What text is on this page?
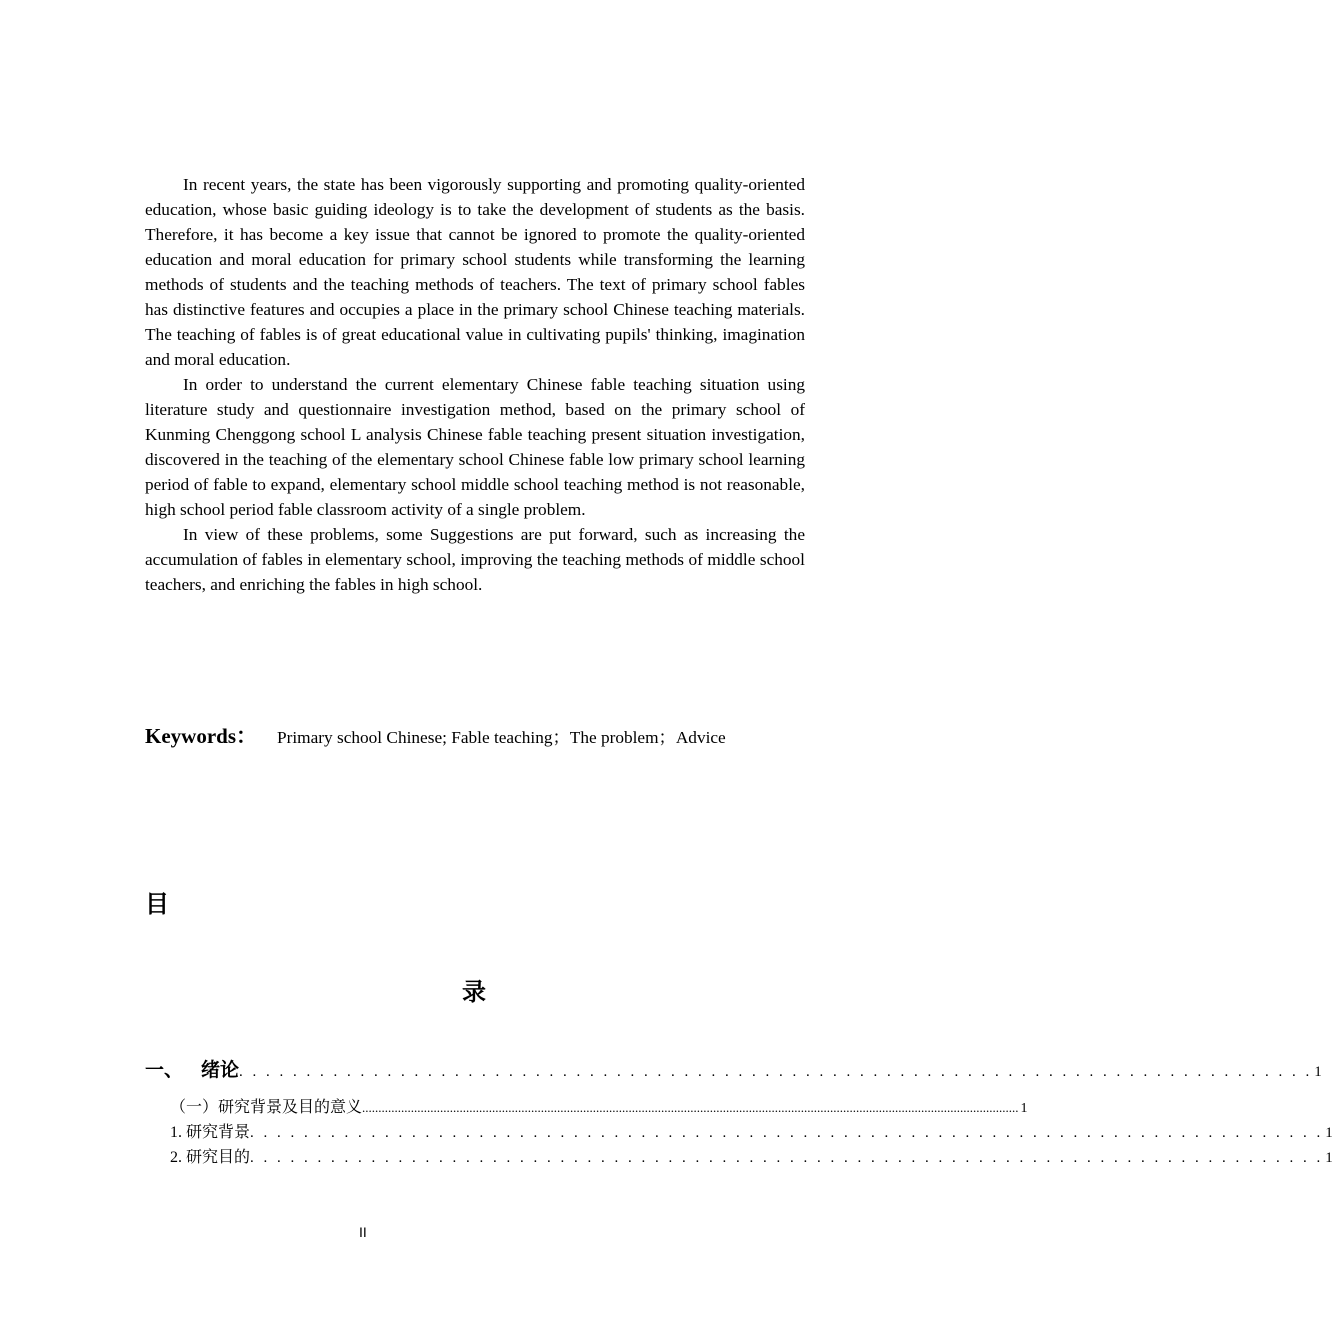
In recent years, the state has been vigorously supporting and promoting quality-oriented education, whose basic guiding ideology is to take the development of students as the basis. Therefore, it has become a key issue that cannot be ignored to promote the quality-oriented education and moral education for primary school students while transforming the learning methods of students and the teaching methods of teachers. The text of primary school fables has distinctive features and occupies a place in the primary school Chinese teaching materials. The teaching of fables is of great educational value in cultivating pupils' thinking, imagination and moral education.

In order to understand the current elementary Chinese fable teaching situation using literature study and questionnaire investigation method, based on the primary school of Kunming Chenggong school L analysis Chinese fable teaching present situation investigation, discovered in the teaching of the elementary school Chinese fable low primary school learning period of fable to expand, elementary school middle school teaching method is not reasonable, high school period fable classroom activity of a single problem.

In view of these problems, some Suggestions are put forward, such as increasing the accumulation of fables in elementary school, improving the teaching methods of middle school teachers, and enriching the fables in high school.

Keywords： Primary school Chinese; Fable teaching；The problem；Advice
目
录
一、 绪论 . . . . . . . . . . . . . . . . . . . . . . . . . . . . . . . . . . . . . . . . . . . . . . . . . . . . . . . . . . . . . . . . . . . . . . . . . . . . . . . . 1
（一）研究背景及目的意义 .......................................................................................................................................................................................................... 1
1. 研究背景 . . . . . . . . . . . . . . . . . . . . . . . . . . . . . . . . . . . . . . . . . . . . . . . . . . . . . . . . . . . . . . . . . . . . . . . . . . . . . . . . 1
2. 研究目的 . . . . . . . . . . . . . . . . . . . . . . . . . . . . . . . . . . . . . . . . . . . . . . . . . . . . . . . . . . . . . . . . . . . . . . . . . . . . . . . . 1
II
